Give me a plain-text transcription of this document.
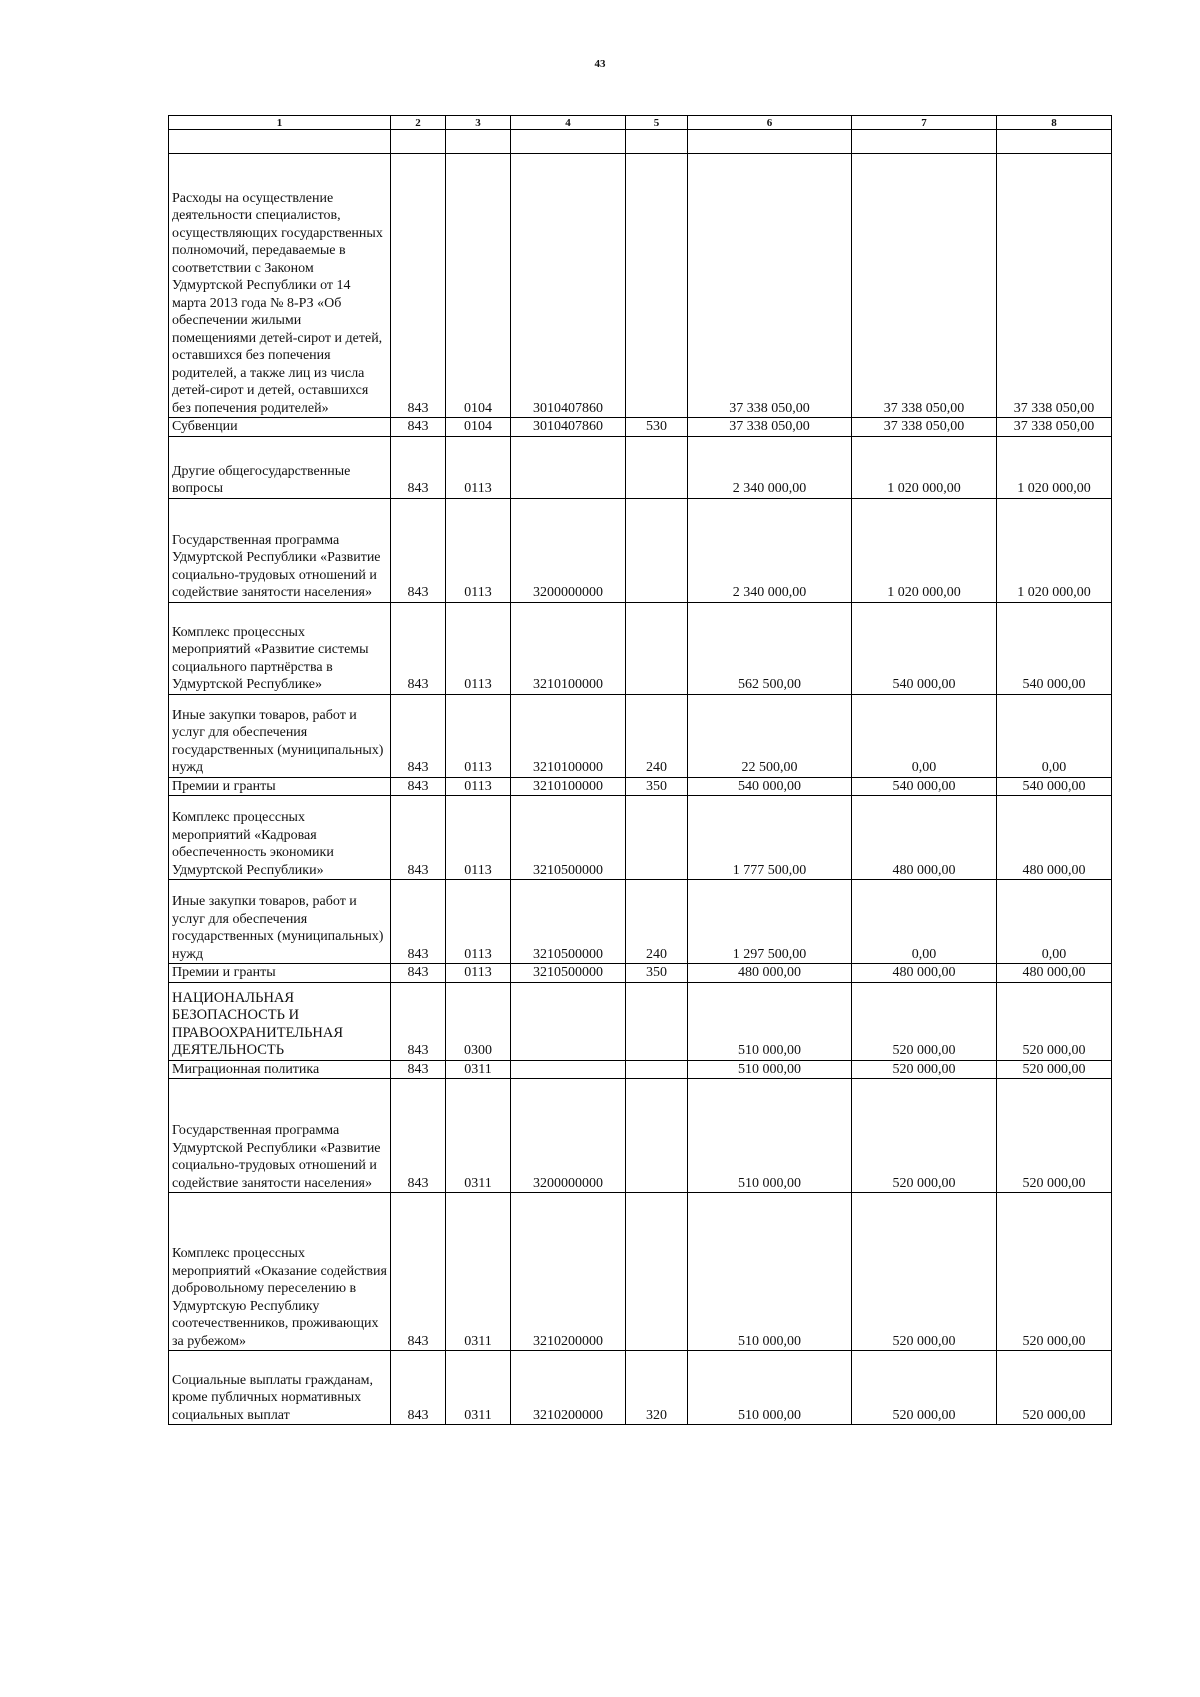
43
1	2	3	4	5	6	7	8

Расходы на осуществление деятельности специалистов, осуществляющих государственных полномочий, передаваемые в соответствии с Законом Удмуртской Республики от 14 марта 2013 года № 8-РЗ «Об обеспечении жилыми помещениями детей-сирот и детей, оставшихся без попечения родителей, а также лиц из числа детей-сирот и детей, оставшихся без попечения родителей»	843	0104	3010407860		37 338 050,00	37 338 050,00	37 338 050,00
Субвенции	843	0104	3010407860	530	37 338 050,00	37 338 050,00	37 338 050,00
Другие общегосударственные вопросы	843	0113			2 340 000,00	1 020 000,00	1 020 000,00
Государственная программа Удмуртской Республики «Развитие социально-трудовых отношений и содействие занятости населения»	843	0113	3200000000		2 340 000,00	1 020 000,00	1 020 000,00
Комплекс процессных мероприятий «Развитие системы социального партнёрства в Удмуртской Республике»	843	0113	3210100000		562 500,00	540 000,00	540 000,00
Иные закупки товаров, работ и услуг для обеспечения государственных (муниципальных) нужд	843	0113	3210100000	240	22 500,00	0,00	0,00
Премии и гранты	843	0113	3210100000	350	540 000,00	540 000,00	540 000,00
Комплекс процессных мероприятий «Кадровая обеспеченность экономики Удмуртской Республики»	843	0113	3210500000		1 777 500,00	480 000,00	480 000,00
Иные закупки товаров, работ и услуг для обеспечения государственных (муниципальных) нужд	843	0113	3210500000	240	1 297 500,00	0,00	0,00
Премии и гранты	843	0113	3210500000	350	480 000,00	480 000,00	480 000,00
НАЦИОНАЛЬНАЯ БЕЗОПАСНОСТЬ И ПРАВООХРАНИТЕЛЬНАЯ ДЕЯТЕЛЬНОСТЬ	843	0300			510 000,00	520 000,00	520 000,00
Миграционная политика	843	0311			510 000,00	520 000,00	520 000,00
Государственная программа Удмуртской Республики «Развитие социально-трудовых отношений и содействие занятости населения»	843	0311	3200000000		510 000,00	520 000,00	520 000,00
Комплекс процессных мероприятий «Оказание содействия добровольному переселению в Удмуртскую Республику соотечественников, проживающих за рубежом»	843	0311	3210200000		510 000,00	520 000,00	520 000,00
Социальные выплаты гражданам, кроме публичных нормативных социальных выплат	843	0311	3210200000	320	510 000,00	520 000,00	520 000,00
